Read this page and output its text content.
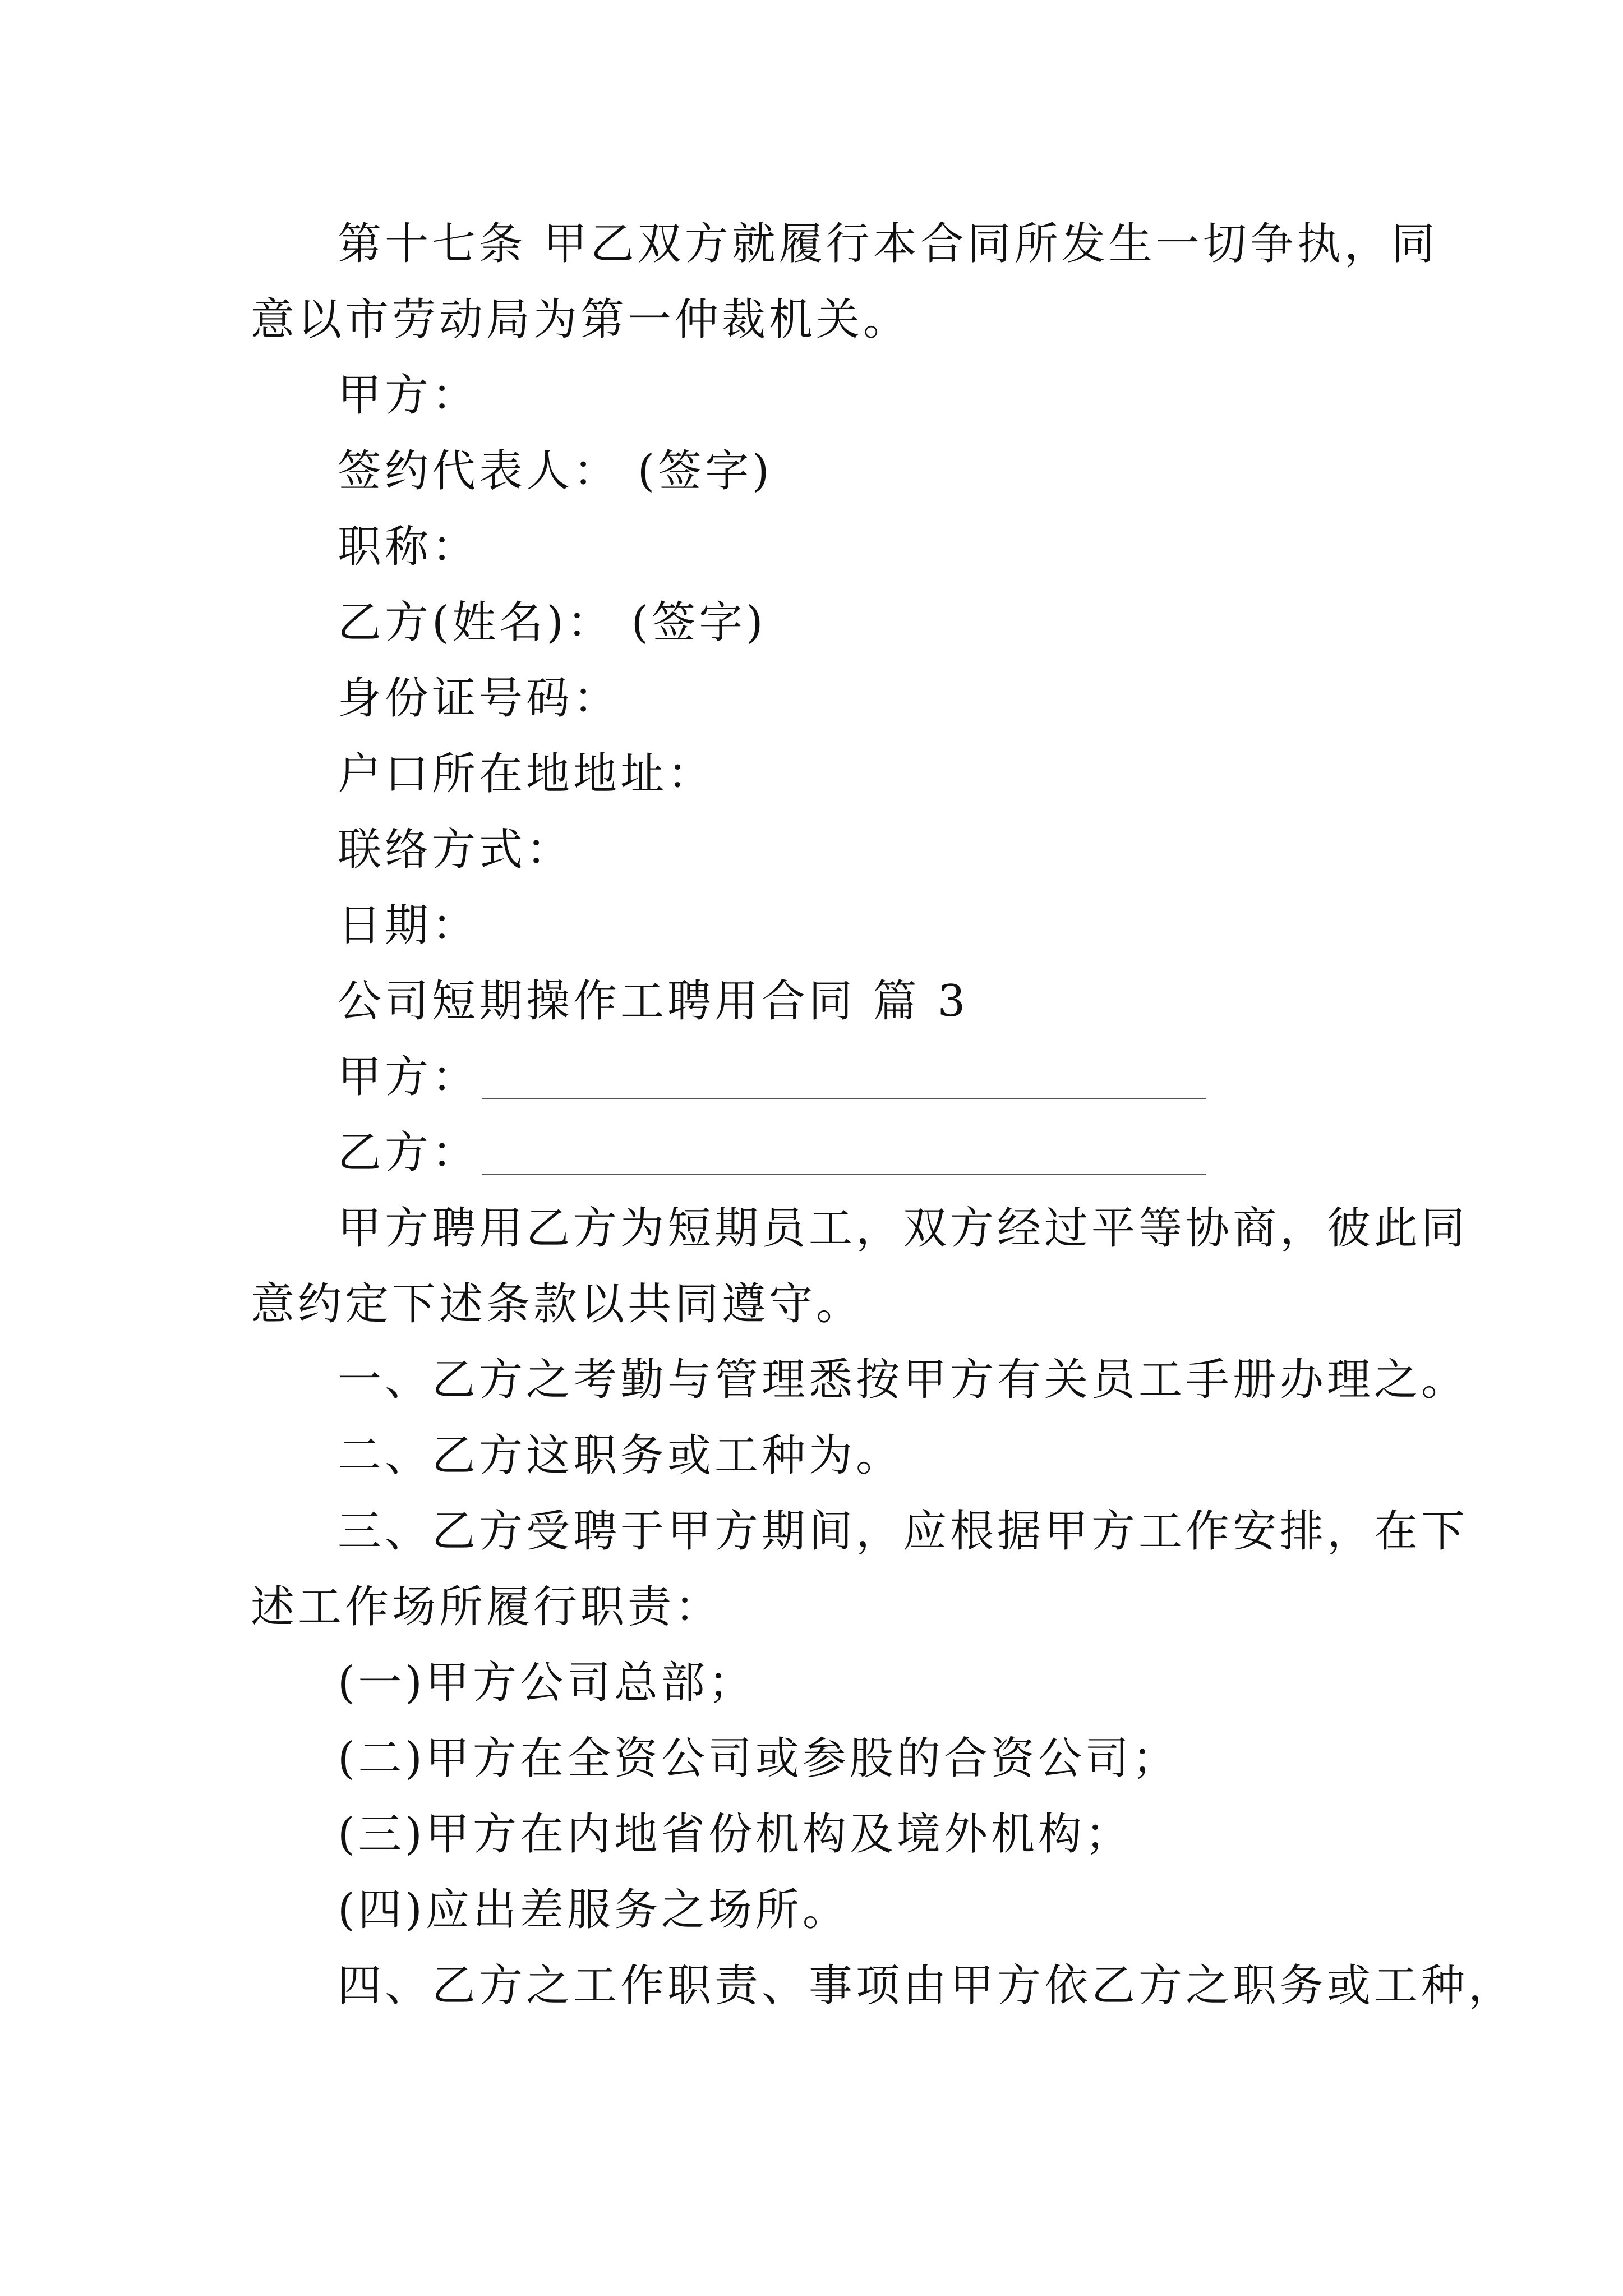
第十七条 甲乙双方就履行本合同所发生一切争执，同
意以市劳动局为第一仲裁机关。
甲方：
签约代表人： (签字)
职称：
乙方(姓名)： (签字)
身份证号码：
户口所在地地址：
联络方式：
日期：
公司短期操作工聘用合同 篇 3
甲方：
乙方：
甲方聘用乙方为短期员工，双方经过平等协商，彼此同
意约定下述条款以共同遵守。
一、乙方之考勤与管理悉按甲方有关员工手册办理之。
二、乙方这职务或工种为。
三、乙方受聘于甲方期间，应根据甲方工作安排，在下
述工作场所履行职责：
(一)甲方公司总部；
(二)甲方在全资公司或参股的合资公司；
(三)甲方在内地省份机构及境外机构；
(四)应出差服务之场所。
四、乙方之工作职责、事项由甲方依乙方之职务或工种，
